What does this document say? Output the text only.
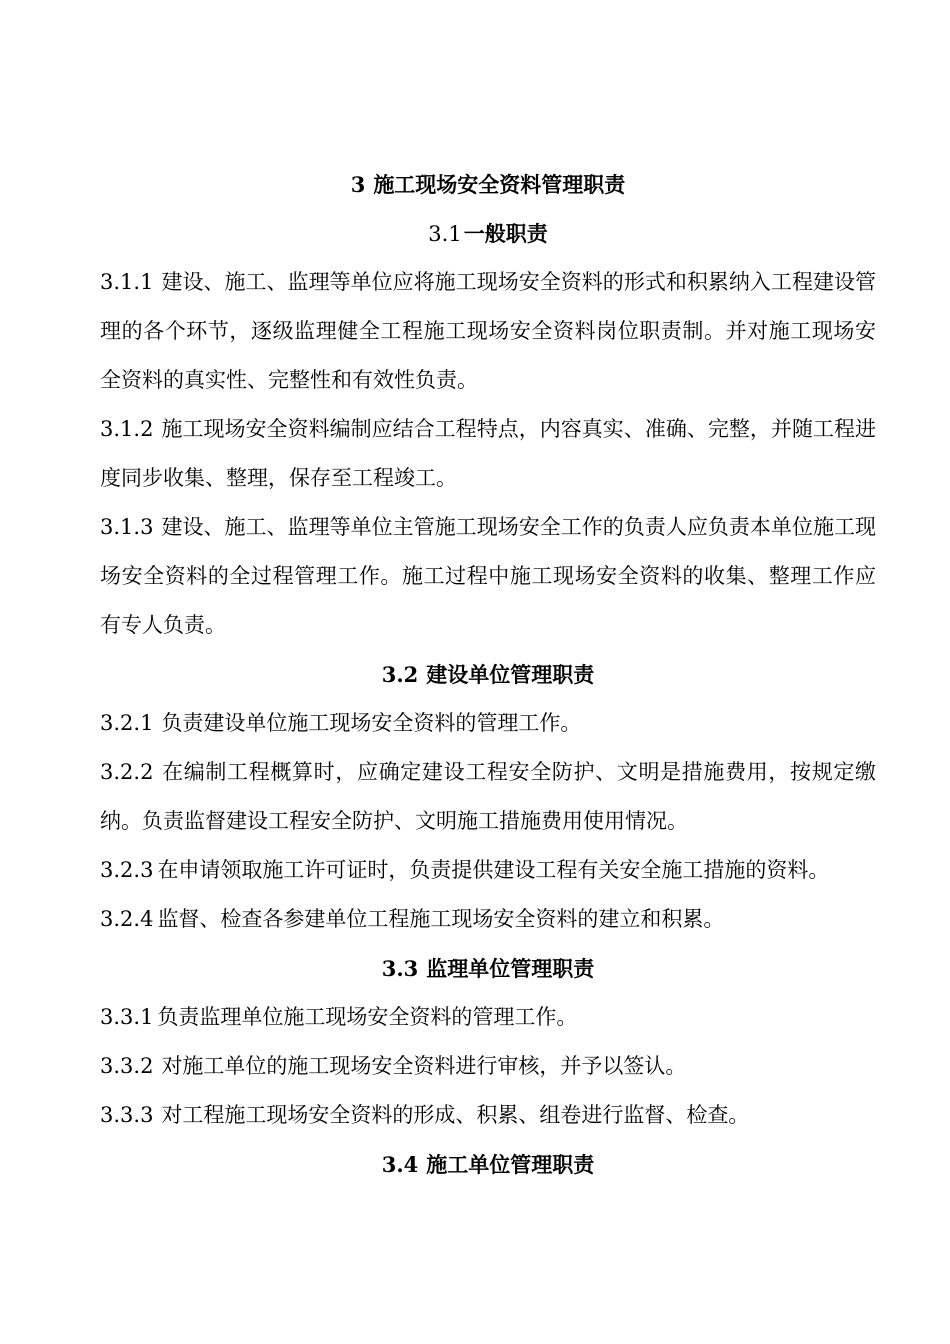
3 施工现场安全资料管理职责
3.1一般职责

3.1.1 建设、施工、监理等单位应将施工现场安全资料的形式和积累纳入工程建设管理的各个环节，逐级监理健全工程施工现场安全资料岗位职责制。并对施工现场安全资料的真实性、完整性和有效性负责。

3.1.2 施工现场安全资料编制应结合工程特点，内容真实、准确、完整，并随工程进度同步收集、整理，保存至工程竣工。

3.1.3 建设、施工、监理等单位主管施工现场安全工作的负责人应负责本单位施工现场安全资料的全过程管理工作。施工过程中施工现场安全资料的收集、整理工作应有专人负责。

3.2 建设单位管理职责

3.2.1 负责建设单位施工现场安全资料的管理工作。

3.2.2 在编制工程概算时，应确定建设工程安全防护、文明是措施费用，按规定缴纳。负责监督建设工程安全防护、文明施工措施费用使用情况。

3.2.3 在申请领取施工许可证时，负责提供建设工程有关安全施工措施的资料。

3.2.4 监督、检查各参建单位工程施工现场安全资料的建立和积累。

3.3 监理单位管理职责

3.3.1 负责监理单位施工现场安全资料的管理工作。

3.3.2 对施工单位的施工现场安全资料进行审核，并予以签认。

3.3.3 对工程施工现场安全资料的形成、积累、组卷进行监督、检查。

3.4 施工单位管理职责
